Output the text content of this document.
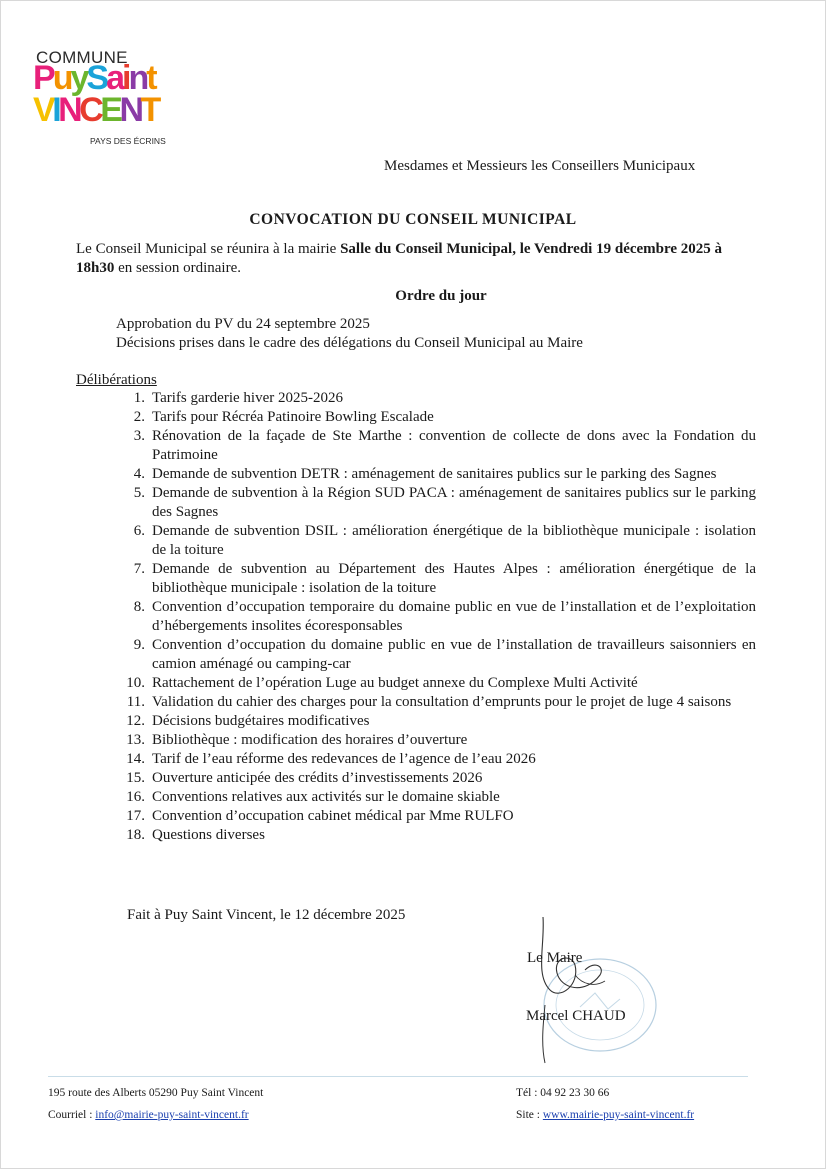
COMMUNE
PuySaint
VINCENT
PAYS DES ÉCRINS
Mesdames et Messieurs les Conseillers Municipaux
CONVOCATION DU CONSEIL MUNICIPAL
Le Conseil Municipal se réunira à la mairie Salle du Conseil Municipal, le Vendredi 19 décembre 2025 à 18h30 en session ordinaire.
Ordre du jour
Approbation du PV du 24 septembre 2025
Décisions prises dans le cadre des délégations du Conseil Municipal au Maire
Délibérations
1. Tarifs garderie hiver 2025-2026
2. Tarifs pour Récréa Patinoire Bowling Escalade
3. Rénovation de la façade de Ste Marthe : convention de collecte de dons avec la Fondation du Patrimoine
4. Demande de subvention DETR : aménagement de sanitaires publics sur le parking des Sagnes
5. Demande de subvention à la Région SUD PACA : aménagement de sanitaires publics sur le parking des Sagnes
6. Demande de subvention DSIL : amélioration énergétique de la bibliothèque municipale : isolation de la toiture
7. Demande de subvention au Département des Hautes Alpes : amélioration énergétique de la bibliothèque municipale : isolation de la toiture
8. Convention d’occupation temporaire du domaine public en vue de l’installation et de l’exploitation d’hébergements insolites écoresponsables
9. Convention d’occupation du domaine public en vue de l’installation de travailleurs saisonniers en camion aménagé ou camping-car
10. Rattachement de l’opération Luge au budget annexe du Complexe Multi Activité
11. Validation du cahier des charges pour la consultation d’emprunts pour le projet de luge 4 saisons
12. Décisions budgétaires modificatives
13. Bibliothèque : modification des horaires d’ouverture
14. Tarif de l’eau réforme des redevances de l’agence de l’eau 2026
15. Ouverture anticipée des crédits d’investissements 2026
16. Conventions relatives aux activités sur le domaine skiable
17. Convention d’occupation cabinet médical par Mme RULFO
18. Questions diverses
Fait à Puy Saint Vincent, le 12 décembre 2025
Le Maire
Marcel CHAUD
195 route des Alberts 05290 Puy Saint Vincent
Courriel : info@mairie-puy-saint-vincent.fr
Tél : 04 92 23 30 66
Site : www.mairie-puy-saint-vincent.fr
